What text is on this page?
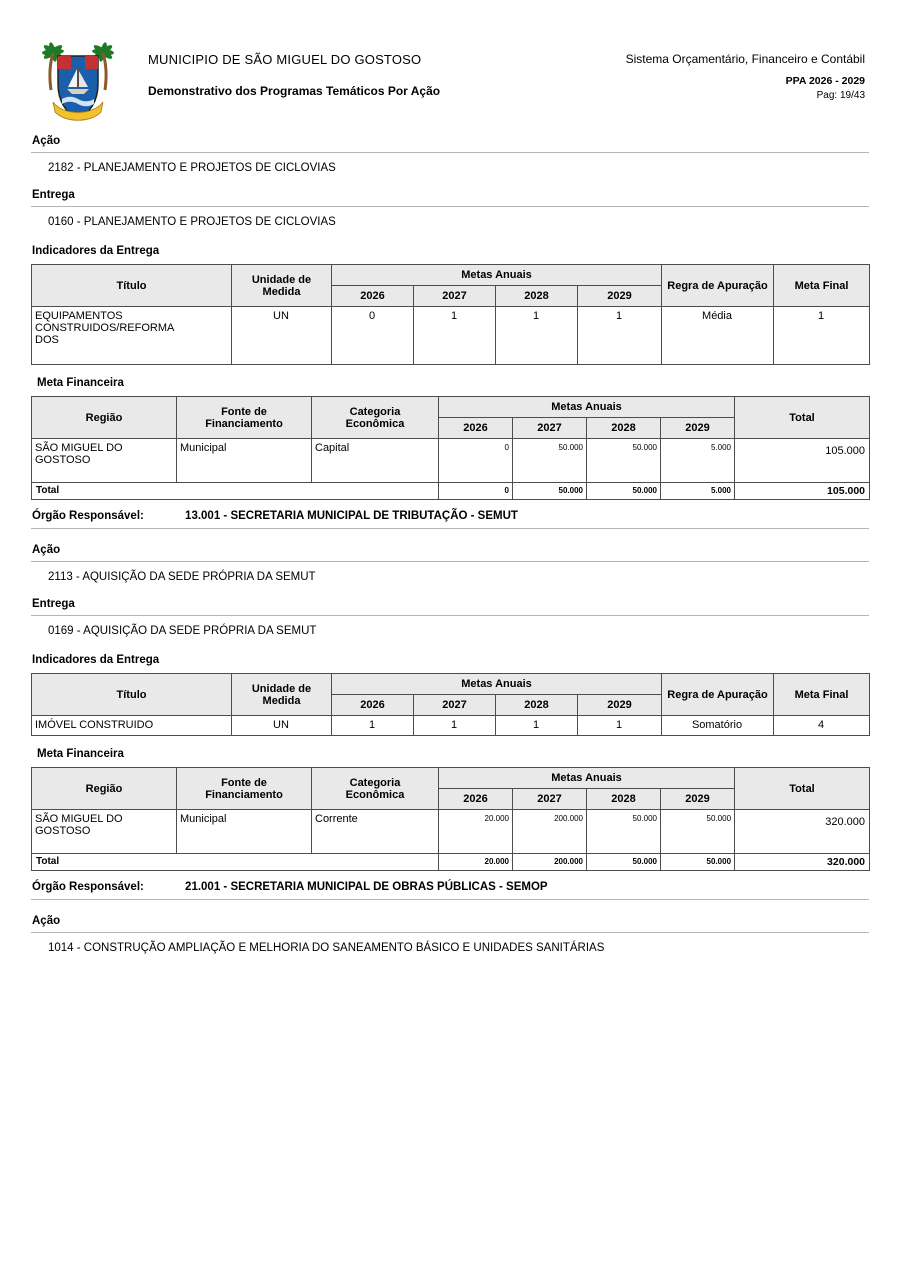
MUNICIPIO DE SÃO MIGUEL DO GOSTOSO
Demonstrativo dos Programas Temáticos Por Ação
Sistema Orçamentário, Financeiro e Contábil
PPA 2026 - 2029
Pag: 19/43
Ação
2182 - PLANEJAMENTO E PROJETOS DE CICLOVIAS
Entrega
0160 - PLANEJAMENTO E PROJETOS DE CICLOVIAS
Indicadores da Entrega
Título	Unidade de Medida	Metas Anuais				Regra de Apuração	Meta Final
		2026	2027	2028	2029		
EQUIPAMENTOS CONSTRUIDOS/REFORMA DOS	UN	0	1	1	1	Média	1
Meta Financeira
Região	Fonte de Financiamento	Categoria Econômica	Metas Anuais				Total
			2026	2027	2028	2029	
SÃO MIGUEL DO GOSTOSO	Municipal	Capital	0	50.000	50.000	5.000	105.000
Total			0	50.000	50.000	5.000	105.000
Órgão Responsável:	13.001 - SECRETARIA MUNICIPAL DE TRIBUTAÇÃO - SEMUT
Ação
2113 - AQUISIÇÃO DA SEDE PRÓPRIA DA SEMUT
Entrega
0169 - AQUISIÇÃO DA SEDE PRÓPRIA DA SEMUT
Indicadores da Entrega
Título	Unidade de Medida	Metas Anuais				Regra de Apuração	Meta Final
		2026	2027	2028	2029		
IMÓVEL CONSTRUIDO	UN	1	1	1	1	Somatório	4
Meta Financeira
Região	Fonte de Financiamento	Categoria Econômica	Metas Anuais				Total
			2026	2027	2028	2029	
SÃO MIGUEL DO GOSTOSO	Municipal	Corrente	20.000	200.000	50.000	50.000	320.000
Total			20.000	200.000	50.000	50.000	320.000
Órgão Responsável:	21.001 - SECRETARIA MUNICIPAL DE OBRAS PÚBLICAS - SEMOP
Ação
1014 - CONSTRUÇÃO AMPLIAÇÃO E MELHORIA DO SANEAMENTO BÁSICO E UNIDADES SANITÁRIAS
